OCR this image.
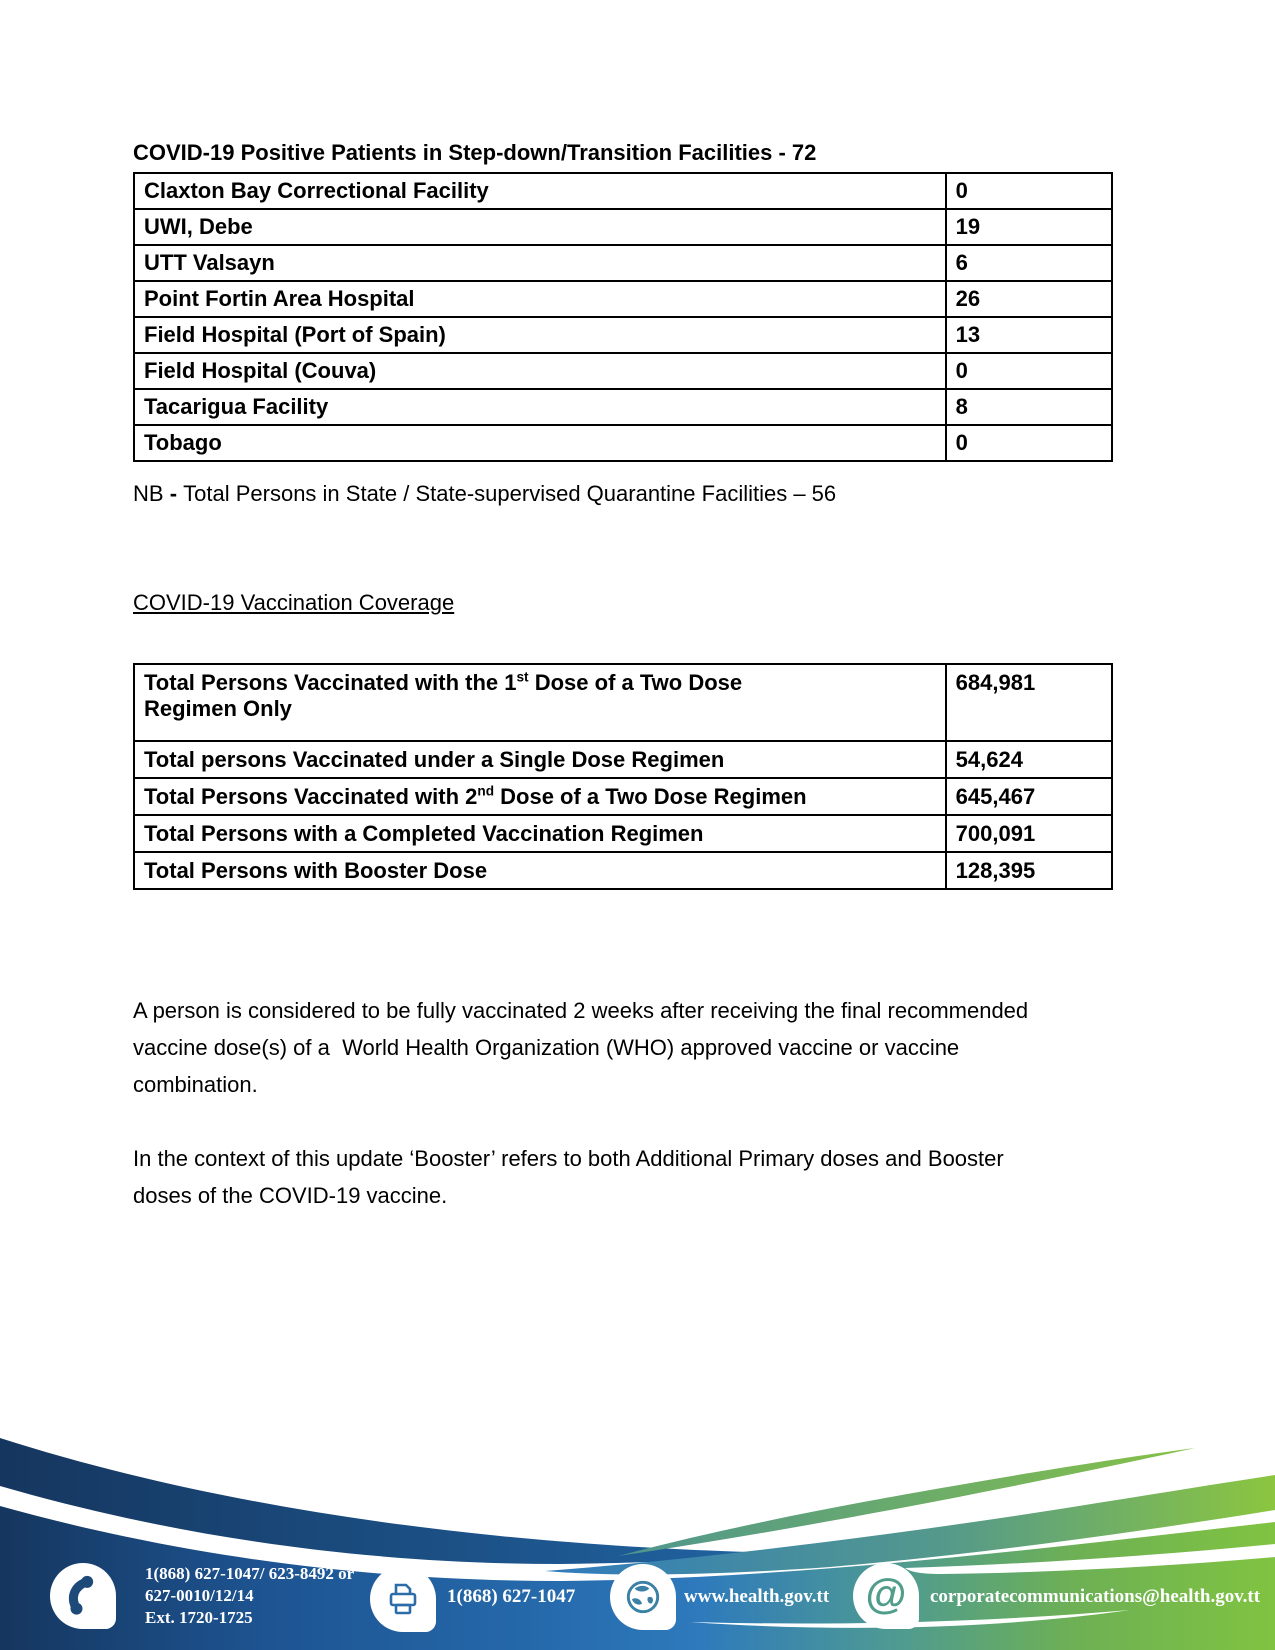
COVID-19 Positive Patients in Step-down/Transition Facilities - 72
Claxton Bay Correctional Facility	0
UWI, Debe	19
UTT Valsayn	6
Point Fortin Area Hospital	26
Field Hospital (Port of Spain)	13
Field Hospital (Couva)	0
Tacarigua Facility	8
Tobago	0
NB - Total Persons in State / State-supervised Quarantine Facilities – 56
COVID-19 Vaccination Coverage
Total Persons Vaccinated with the 1st Dose of a Two Dose
Regimen Only	684,981
Total persons Vaccinated under a Single Dose Regimen	54,624
Total Persons Vaccinated with 2nd Dose of a Two Dose Regimen	645,467
Total Persons with a Completed Vaccination Regimen	700,091
Total Persons with Booster Dose	128,395
A person is considered to be fully vaccinated 2 weeks after receiving the final recommended
vaccine dose(s) of a  World Health Organization (WHO) approved vaccine or vaccine
combination.
In the context of this update ‘Booster’ refers to both Additional Primary doses and Booster
doses of the COVID-19 vaccine.
1(868) 627-1047/ 623-8492 or
627-0010/12/14
Ext. 1720-1725
1(868) 627-1047	www.health.gov.tt @ corporatecommunications@health.gov.tt
